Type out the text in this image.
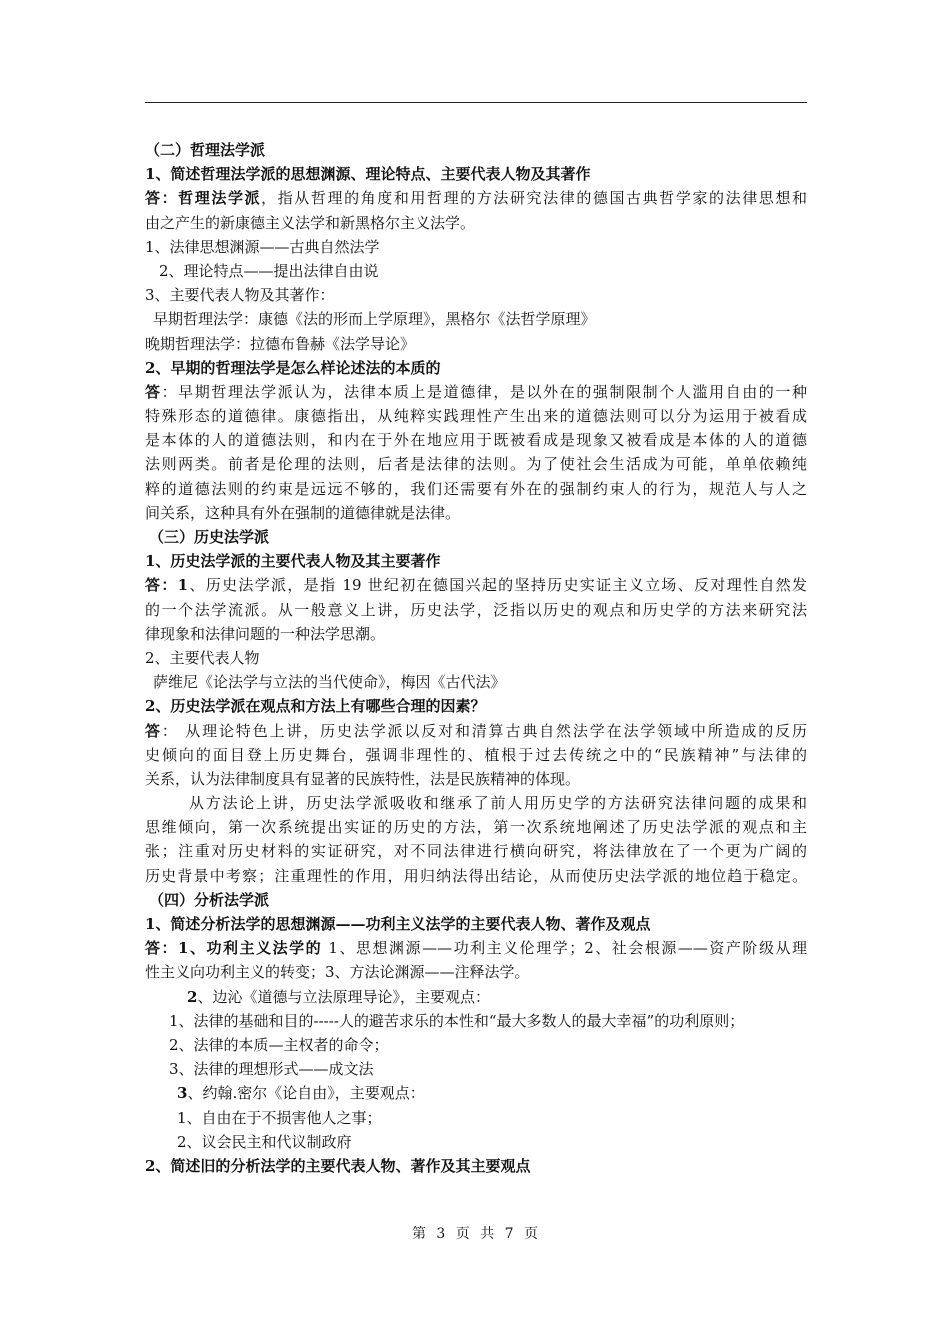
（二）哲理法学派
1、简述哲理法学派的思想渊源、理论特点、主要代表人物及其著作
答：哲理法学派，指从哲理的角度和用哲理的方法研究法律的德国古典哲学家的法律思想和
由之产生的新康德主义法学和新黑格尔主义法学。
1、法律思想渊源——古典自然法学
2、理论特点——提出法律自由说
3、主要代表人物及其著作：
早期哲理法学：康德《法的形而上学原理》，黑格尔《法哲学原理》
晚期哲理法学：拉德布鲁赫《法学导论》
2、早期的哲理法学是怎么样论述法的本质的
答：早期哲理法学派认为，法律本质上是道德律，是以外在的强制限制个人滥用自由的一种
特殊形态的道德律。康德指出，从纯粹实践理性产生出来的道德法则可以分为运用于被看成
是本体的人的道德法则，和内在于外在地应用于既被看成是现象又被看成是本体的人的道德
法则两类。前者是伦理的法则，后者是法律的法则。为了使社会生活成为可能，单单依赖纯
粹的道德法则的约束是远远不够的，我们还需要有外在的强制约束人的行为，规范人与人之
间关系，这种具有外在强制的道德律就是法律。
（三）历史法学派
1、历史法学派的主要代表人物及其主要著作
答：1、历史法学派，是指 19 世纪初在德国兴起的坚持历史实证主义立场、反对理性自然发
的一个法学流派。从一般意义上讲，历史法学，泛指以历史的观点和历史学的方法来研究法
律现象和法律问题的一种法学思潮。
2、主要代表人物
萨维尼《论法学与立法的当代使命》，梅因《古代法》
2、历史法学派在观点和方法上有哪些合理的因素？
答： 从理论特色上讲，历史法学派以反对和清算古典自然法学在法学领域中所造成的反历
史倾向的面目登上历史舞台，强调非理性的、植根于过去传统之中的“民族精神”与法律的
关系，认为法律制度具有显著的民族特性，法是民族精神的体现。
从方法论上讲，历史法学派吸收和继承了前人用历史学的方法研究法律问题的成果和
思维倾向，第一次系统提出实证的历史的方法，第一次系统地阐述了历史法学派的观点和主
张；注重对历史材料的实证研究，对不同法律进行横向研究，将法律放在了一个更为广阔的
历史背景中考察；注重理性的作用，用归纳法得出结论，从而使历史法学派的地位趋于稳定。
（四）分析法学派
1、简述分析法学的思想渊源——功利主义法学的主要代表人物、著作及观点
答：1、功利主义法学的 1、思想渊源——功利主义伦理学；2、社会根源——资产阶级从理
性主义向功利主义的转变；3、方法论渊源——注释法学。
2、边沁《道德与立法原理导论》，主要观点：
1、法律的基础和目的-----人的避苦求乐的本性和“最大多数人的最大幸福”的功利原则；
2、法律的本质—主权者的命令；
3、法律的理想形式——成文法
3、约翰.密尔《论自由》，主要观点：
1、自由在于不损害他人之事；
2、议会民主和代议制政府
2、简述旧的分析法学的主要代表人物、著作及其主要观点
第 3 页 共 7 页
